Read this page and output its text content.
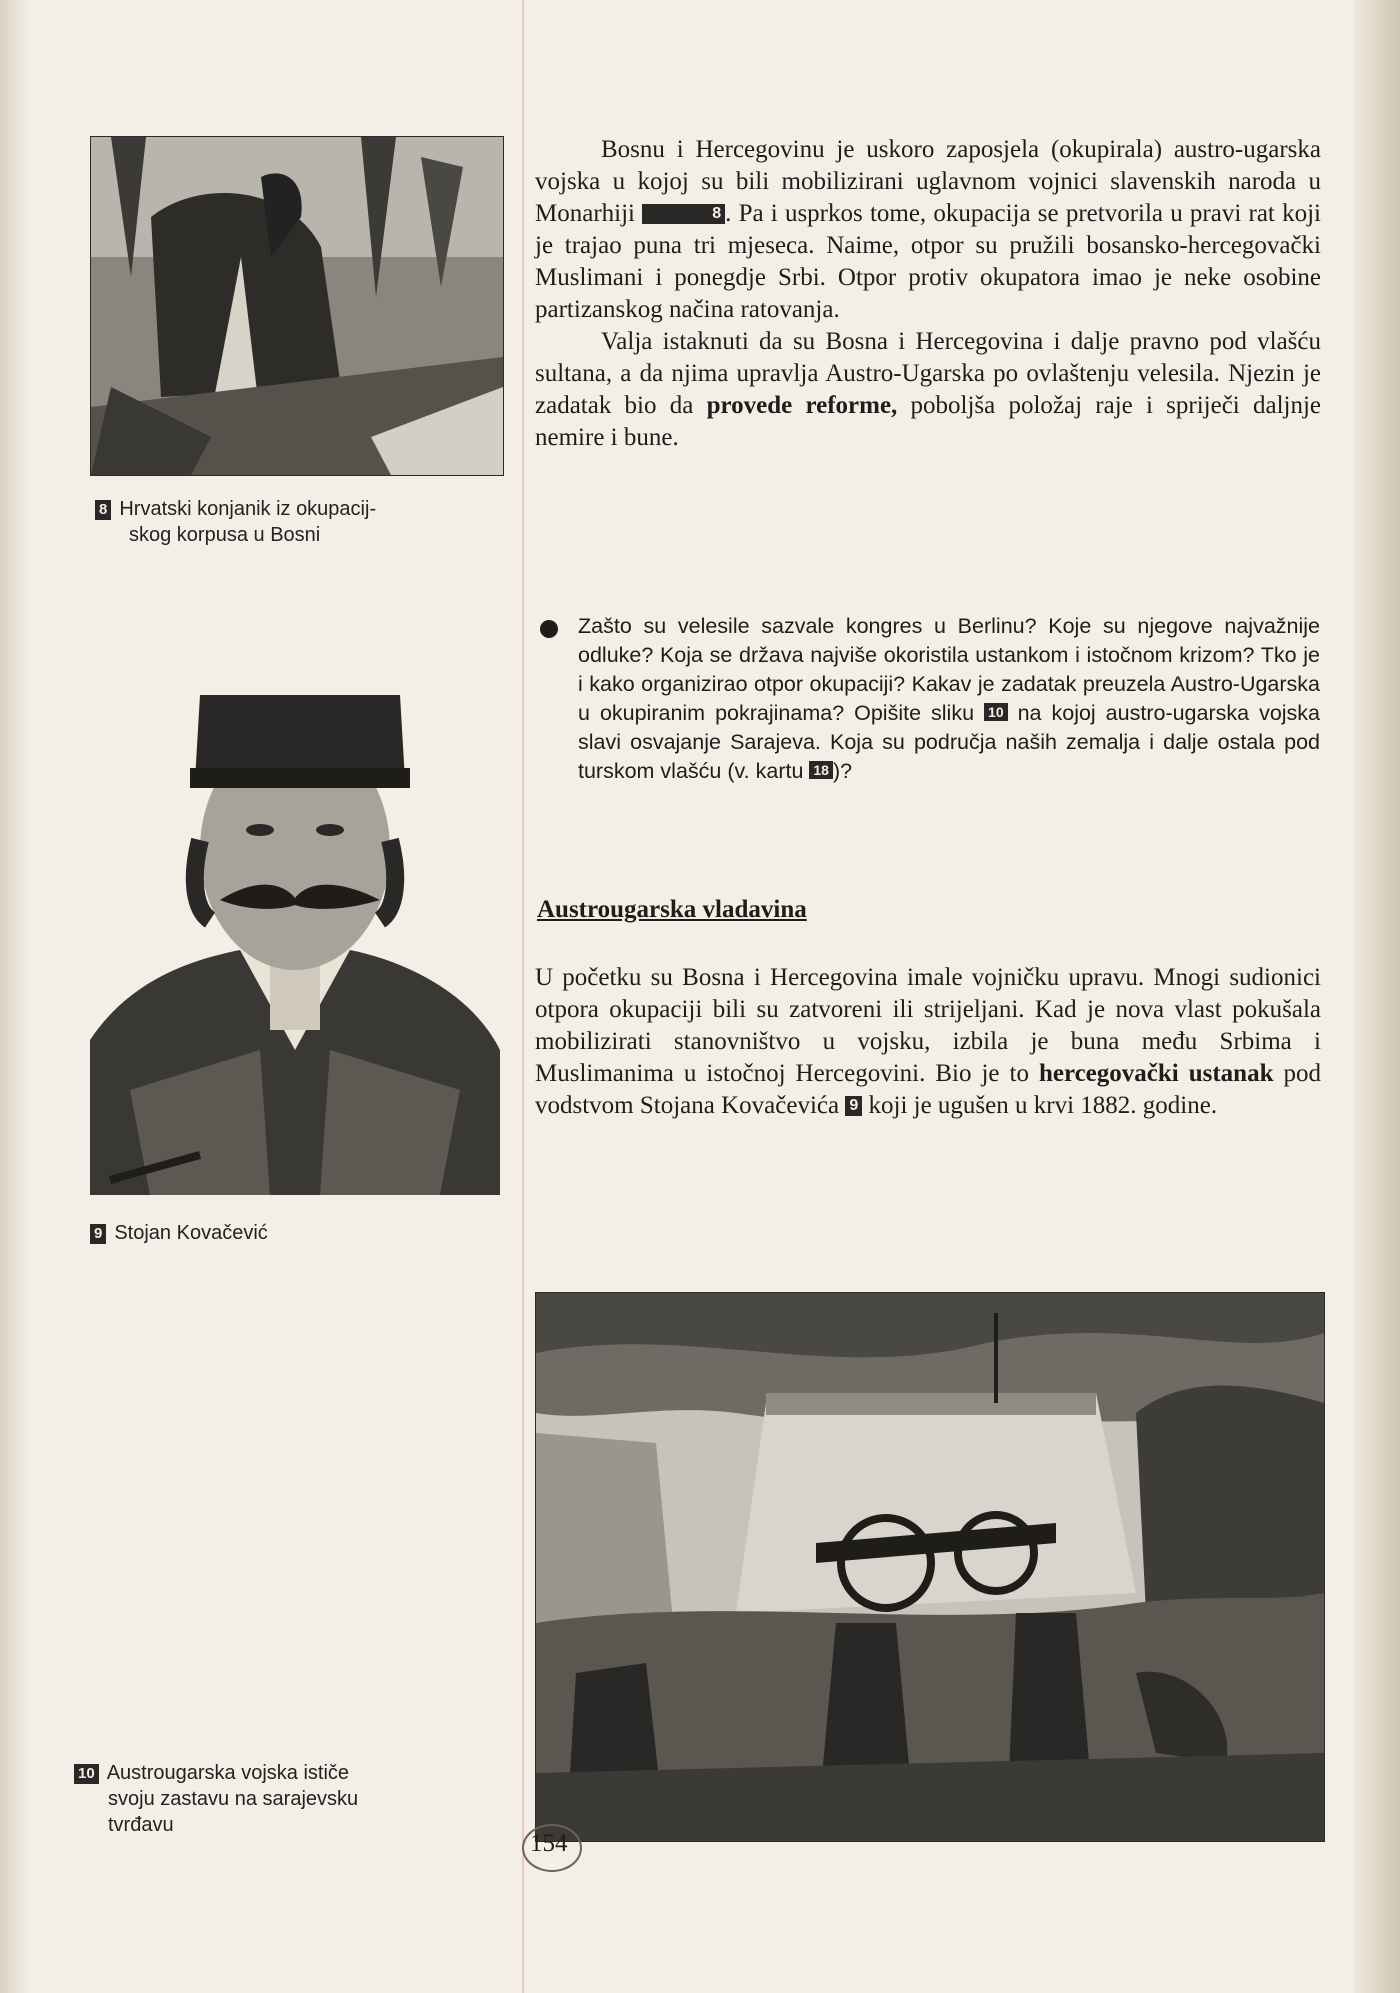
8 Hrvatski konjanik iz okupacij-
skog korpusa u Bosni
9 Stojan Kovačević
10 Austrougarska vojska ističe
svoju zastavu na sarajevsku
tvrđavu

Bosnu i Hercegovinu je uskoro zaposjela (okupirala) austro-ugarska vojska u kojoj su bili mobilizirani uglavnom vojnici slavenskih naroda u Monarhiji	8 . Pa i usprkos tome, okupacija se pretvorila u pravi rat koji je trajao puna tri mjeseca. Naime, otpor su pružili bosansko-hercegovački Muslimani i ponegdje Srbi. Otpor protiv okupatora imao je neke osobine partizanskog načina ratovanja.

Valja istaknuti da su Bosna i Hercegovina i dalje pravno pod vlašću sultana, a da njima upravlja Austro-Ugarska po ovlaštenju velesila. Njezin je zadatak bio da provede reforme, poboljša položaj raje i spriječi daljnje nemire i bune.

Zašto su velesile sazvale kongres u Berlinu? Koje su njegove najvažnije odluke? Koja se država najviše okoristila ustankom i istočnom krizom? Tko je i kako organizirao otpor okupaciji? Kakav je zadatak preuzela Austro-Ugarska u okupiranim pokrajinama? Opišite sliku 10 na kojoj austro-ugarska vojska slavi osvajanje Sarajeva. Koja su područja naših zemalja i dalje ostala pod turskom vlašću (v. kartu 18 )?
Austrougarska vladavina

U početku su Bosna i Hercegovina imale vojničku upravu. Mnogi sudionici otpora okupaciji bili su zatvoreni ili strijeljani. Kad je nova vlast pokušala mobilizirati stanovništvo u vojsku, izbila je buna među Srbima i Muslimanima u istočnoj Hercegovini. Bio je to hercegovački ustanak pod vodstvom Stojana Kovačevića 9 koji je ugušen u krvi 1882. godine.

154
